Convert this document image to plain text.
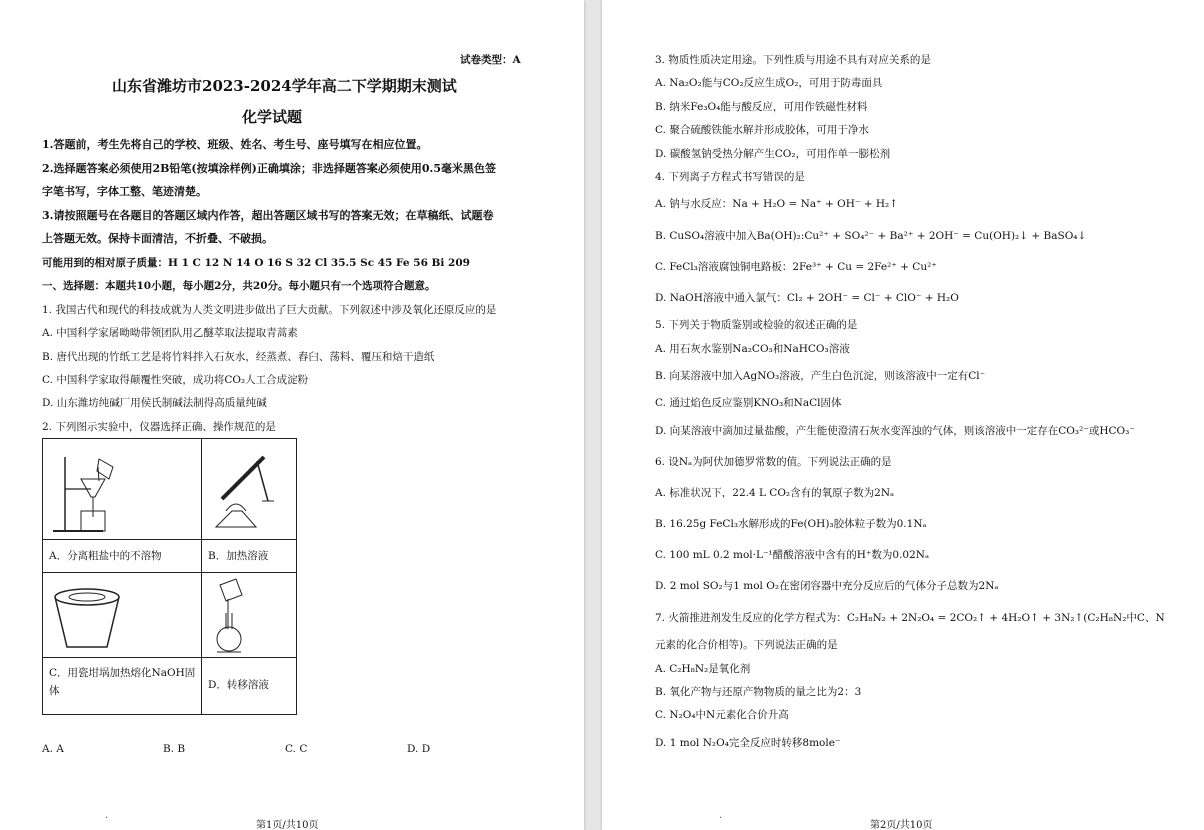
试卷类型：A
山东省潍坊市2023-2024学年高二下学期期末测试
化学试题
1.答题前，考生先将自己的学校、班级、姓名、考生号、座号填写在相应位置。
2.选择题答案必须使用2B铅笔(按填涂样例)正确填涂；非选择题答案必须使用0.5毫米黑色签
字笔书写，字体工整、笔迹清楚。
3.请按照题号在各题目的答题区域内作答，超出答题区域书写的答案无效；在草稿纸、试题卷
上答题无效。保持卡面清洁，不折叠、不破损。
可能用到的相对原子质量：H 1 C 12 N 14 O 16 S 32 Cl 35.5 Sc 45 Fe 56 Bi 209
一、选择题：本题共10小题，每小题2分，共20分。每小题只有一个选项符合题意。
1. 我国古代和现代的科技成就为人类文明进步做出了巨大贡献。下列叙述中涉及氧化还原反应的是
A. 中国科学家屠呦呦带领团队用乙醚萃取法提取青蒿素
B. 唐代出现的竹纸工艺是将竹料拌入石灰水，经蒸煮、舂臼、荡料、覆压和焙干造纸
C. 中国科学家取得颠覆性突破，成功将CO₂人工合成淀粉
D. 山东潍坊纯碱厂用侯氏制碱法制得高质量纯碱
2. 下列图示实验中，仪器选择正确、操作规范的是

A．分离粗盐中的不溶物	B．加热溶液

C．用瓷坩埚加热熔化NaOH固体	D．转移溶液
A. A	B. B	C. C	D. D
·
第1页/共10页
3. 物质性质决定用途。下列性质与用途不具有对应关系的是
A. Na₂O₂能与CO₂反应生成O₂，可用于防毒面具
B. 纳米Fe₃O₄能与酸反应，可用作铁磁性材料
C. 聚合硫酸铁能水解并形成胶体，可用于净水
D. 碳酸氢钠受热分解产生CO₂，可用作单一膨松剂
4. 下列离子方程式书写错误的是
A. 钠与水反应：Na + H₂O = Na⁺ + OH⁻ + H₂↑
B. CuSO₄溶液中加入Ba(OH)₂:Cu²⁺ + SO₄²⁻ + Ba²⁺ + 2OH⁻ = Cu(OH)₂↓ + BaSO₄↓
C. FeCl₃溶液腐蚀铜电路板：2Fe³⁺ + Cu = 2Fe²⁺ + Cu²⁺
D. NaOH溶液中通入氯气：Cl₂ + 2OH⁻ = Cl⁻ + ClO⁻ + H₂O
5. 下列关于物质鉴别或检验的叙述正确的是
A. 用石灰水鉴别Na₂CO₃和NaHCO₃溶液
B. 向某溶液中加入AgNO₃溶液，产生白色沉淀，则该溶液中一定有Cl⁻
C. 通过焰色反应鉴别KNO₃和NaCl固体
D. 向某溶液中滴加过量盐酸，产生能使澄清石灰水变浑浊的气体，则该溶液中一定存在CO₃²⁻或HCO₃⁻
6. 设Nₐ为阿伏加德罗常数的值。下列说法正确的是
A. 标准状况下，22.4 L CO₂含有的氧原子数为2Nₐ
B. 16.25g FeCl₃水解形成的Fe(OH)₃胶体粒子数为0.1Nₐ
C. 100 mL 0.2 mol·L⁻¹醋酸溶液中含有的H⁺数为0.02Nₐ
D. 2 mol SO₂与1 mol O₂在密闭容器中充分反应后的气体分子总数为2Nₐ
7. 火箭推进剂发生反应的化学方程式为：C₂H₈N₂ + 2N₂O₄ = 2CO₂↑ + 4H₂O↑ + 3N₂↑(C₂H₈N₂中C、N
元素的化合价相等)。下列说法正确的是
A. C₂H₈N₂是氧化剂
B. 氧化产物与还原产物物质的量之比为2：3
C. N₂O₄中N元素化合价升高
D. 1 mol N₂O₄完全反应时转移8mole⁻
·
第2页/共10页
